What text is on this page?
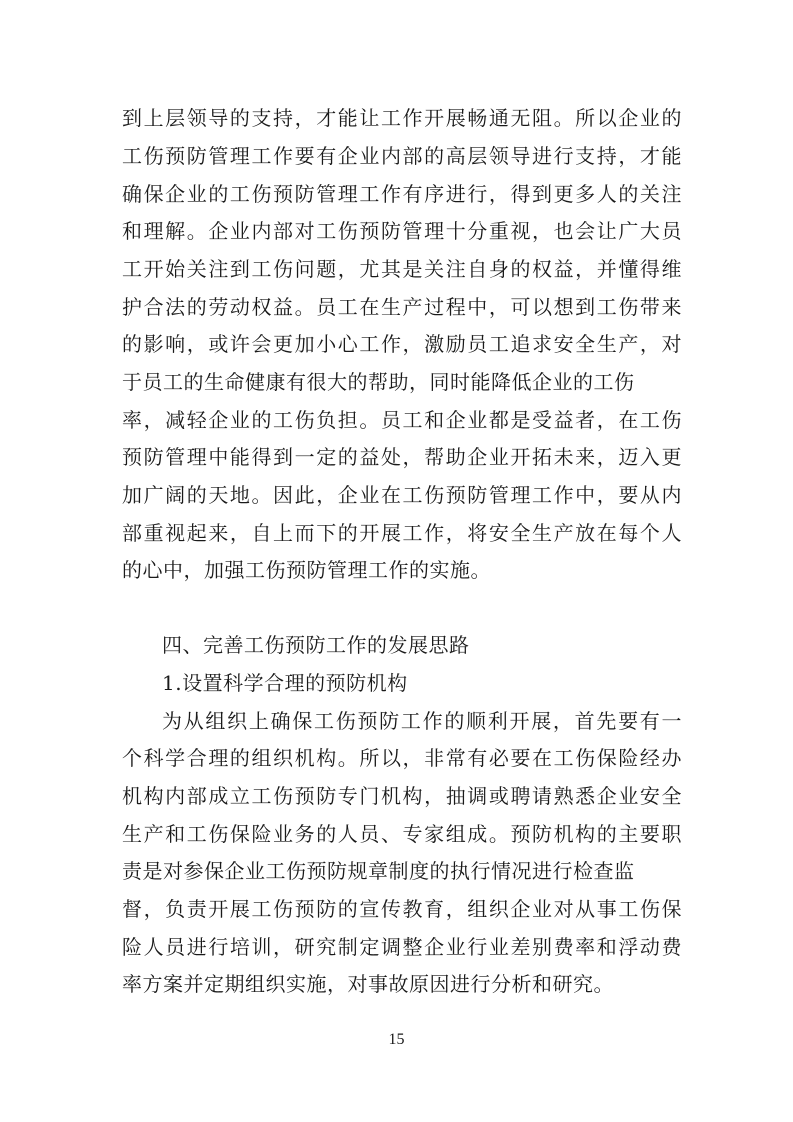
到上层领导的支持，才能让工作开展畅通无阻。所以企业的
工伤预防管理工作要有企业内部的高层领导进行支持，才能
确保企业的工伤预防管理工作有序进行，得到更多人的关注
和理解。企业内部对工伤预防管理十分重视，也会让广大员
工开始关注到工伤问题，尤其是关注自身的权益，并懂得维
护合法的劳动权益。员工在生产过程中，可以想到工伤带来
的影响，或许会更加小心工作，激励员工追求安全生产，对
于员工的生命健康有很大的帮助，同时能降低企业的工伤
率，减轻企业的工伤负担。员工和企业都是受益者，在工伤
预防管理中能得到一定的益处，帮助企业开拓未来，迈入更
加广阔的天地。因此，企业在工伤预防管理工作中，要从内
部重视起来，自上而下的开展工作，将安全生产放在每个人
的心中，加强工伤预防管理工作的实施。
四、完善工伤预防工作的发展思路
1.设置科学合理的预防机构
为从组织上确保工伤预防工作的顺利开展，首先要有一
个科学合理的组织机构。所以，非常有必要在工伤保险经办
机构内部成立工伤预防专门机构，抽调或聘请熟悉企业安全
生产和工伤保险业务的人员、专家组成。预防机构的主要职
责是对参保企业工伤预防规章制度的执行情况进行检查监
督，负责开展工伤预防的宣传教育，组织企业对从事工伤保
险人员进行培训，研究制定调整企业行业差别费率和浮动费
率方案并定期组织实施，对事故原因进行分析和研究。
15
